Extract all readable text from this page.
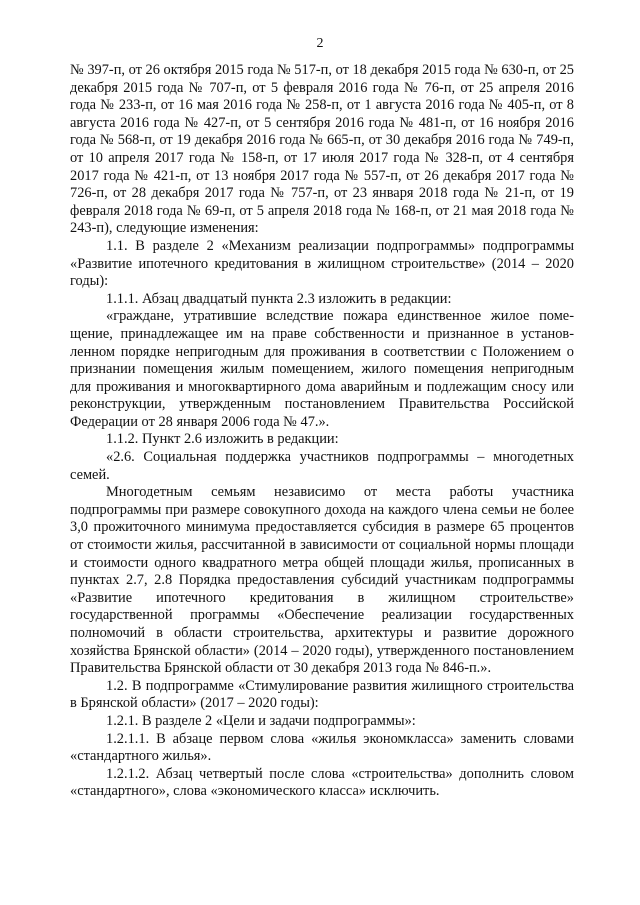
2

№ 397-п, от 26 октября 2015 года № 517-п, от 18 декабря 2015 года № 630-п, от 25 декабря 2015 года № 707-п, от 5 февраля 2016 года № 76-п, от 25 апреля 2016 года № 233-п, от 16 мая 2016 года № 258-п, от 1 августа 2016 года № 405-п, от 8 августа 2016 года № 427-п, от 5 сентября 2016 года № 481-п, от 16 ноября 2016 года № 568-п, от 19 декабря 2016 года № 665-п, от 30 декабря 2016 года № 749-п, от 10 апреля 2017 года № 158-п, от 17 июля 2017 года № 328-п, от 4 сентября 2017 года № 421-п, от 13 ноября 2017 года № 557-п, от 26 декабря 2017 года № 726-п, от 28 декабря 2017 года № 757-п, от 23 января 2018 года № 21-п, от 19 февраля 2018 года № 69-п, от 5 апреля 2018 года № 168-п, от 21 мая 2018 года № 243-п), следующие изменения:

1.1. В разделе 2 «Механизм реализации подпрограммы» подпрограммы «Развитие ипотечного кредитования в жилищном строительстве» (2014 – 2020 годы):

1.1.1. Абзац двадцатый пункта 2.3 изложить в редакции:

«граждане, утратившие вследствие пожара единственное жилое помещение, принадлежащее им на праве собственности и признанное в установленном порядке непригодным для проживания в соответствии с Положением о признании помещения жилым помещением, жилого помещения непригодным для проживания и многоквартирного дома аварийным и подлежащим сносу или реконструкции, утвержденным постановлением Правительства Российской Федерации от 28 января 2006 года № 47.».

1.1.2. Пункт 2.6 изложить в редакции:

«2.6. Социальная поддержка участников подпрограммы – многодетных семей.

Многодетным семьям независимо от места работы участника подпрограммы при размере совокупного дохода на каждого члена семьи не более 3,0 прожиточного минимума предоставляется субсидия в размере 65 процентов от стоимости жилья, рассчитанной в зависимости от социальной нормы площади и стоимости одного квадратного метра общей площади жилья, прописанных в пунктах 2.7, 2.8 Порядка предоставления субсидий участникам подпрограммы «Развитие ипотечного кредитования в жилищном строительстве» государственной программы «Обеспечение реализации государственных полномочий в области строительства, архитектуры и развитие дорожного хозяйства Брянской области» (2014 – 2020 годы), утвержденного постановлением Правительства Брянской области от 30 декабря 2013 года № 846-п.».

1.2. В подпрограмме «Стимулирование развития жилищного строительства в Брянской области» (2017 – 2020 годы):

1.2.1. В разделе 2 «Цели и задачи подпрограммы»:

1.2.1.1. В абзаце первом слова «жилья экономкласса» заменить словами «стандартного жилья».

1.2.1.2. Абзац четвертый после слова «строительства» дополнить словом «стандартного», слова «экономического класса» исключить.
